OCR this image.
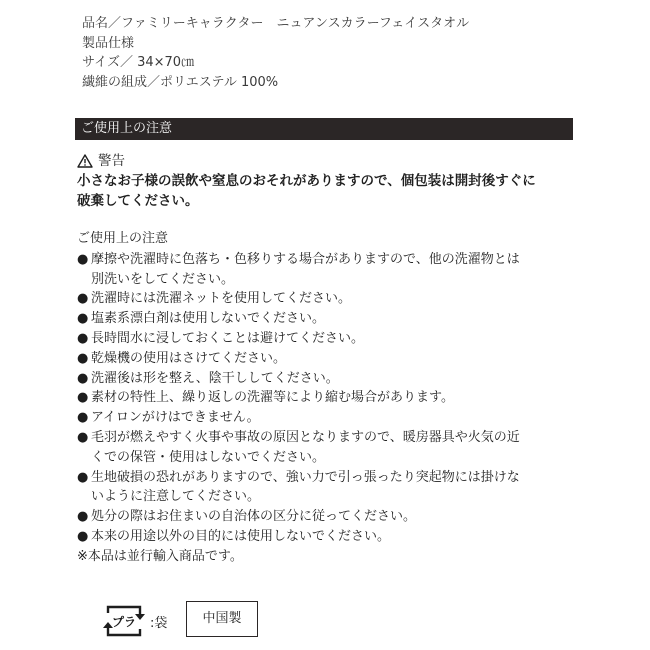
品名／ファミリーキャラクター　ニュアンスカラーフェイスタオル
製品仕様
サイズ／ 34×70㎝
繊維の組成／ポリエステル 100%
ご使用上の注意
警告

小さなお子様の誤飲や窒息のおそれがありますので、個包装は開封後すぐに

破棄してください。

ご使用上の注意
● 摩擦や洗濯時に色落ち・色移りする場合がありますので、他の洗濯物とは
別洗いをしてください。
● 洗濯時には洗濯ネットを使用してください。
● 塩素系漂白剤は使用しないでください。
● 長時間水に浸しておくことは避けてください。
● 乾燥機の使用はさけてください。
● 洗濯後は形を整え、陰干ししてください。
● 素材の特性上、繰り返しの洗濯等により縮む場合があります。
● アイロンがけはできません。
● 毛羽が燃えやすく火事や事故の原因となりますので、暖房器具や火気の近
くでの保管・使用はしないでください。
● 生地破損の恐れがありますので、強い力で引っ張ったり突起物には掛けな
いように注意してください。
● 処分の際はお住まいの自治体の区分に従ってください。
● 本来の用途以外の目的には使用しないでください。
※本品は並行輸入商品です。
プラ :袋	中国製
